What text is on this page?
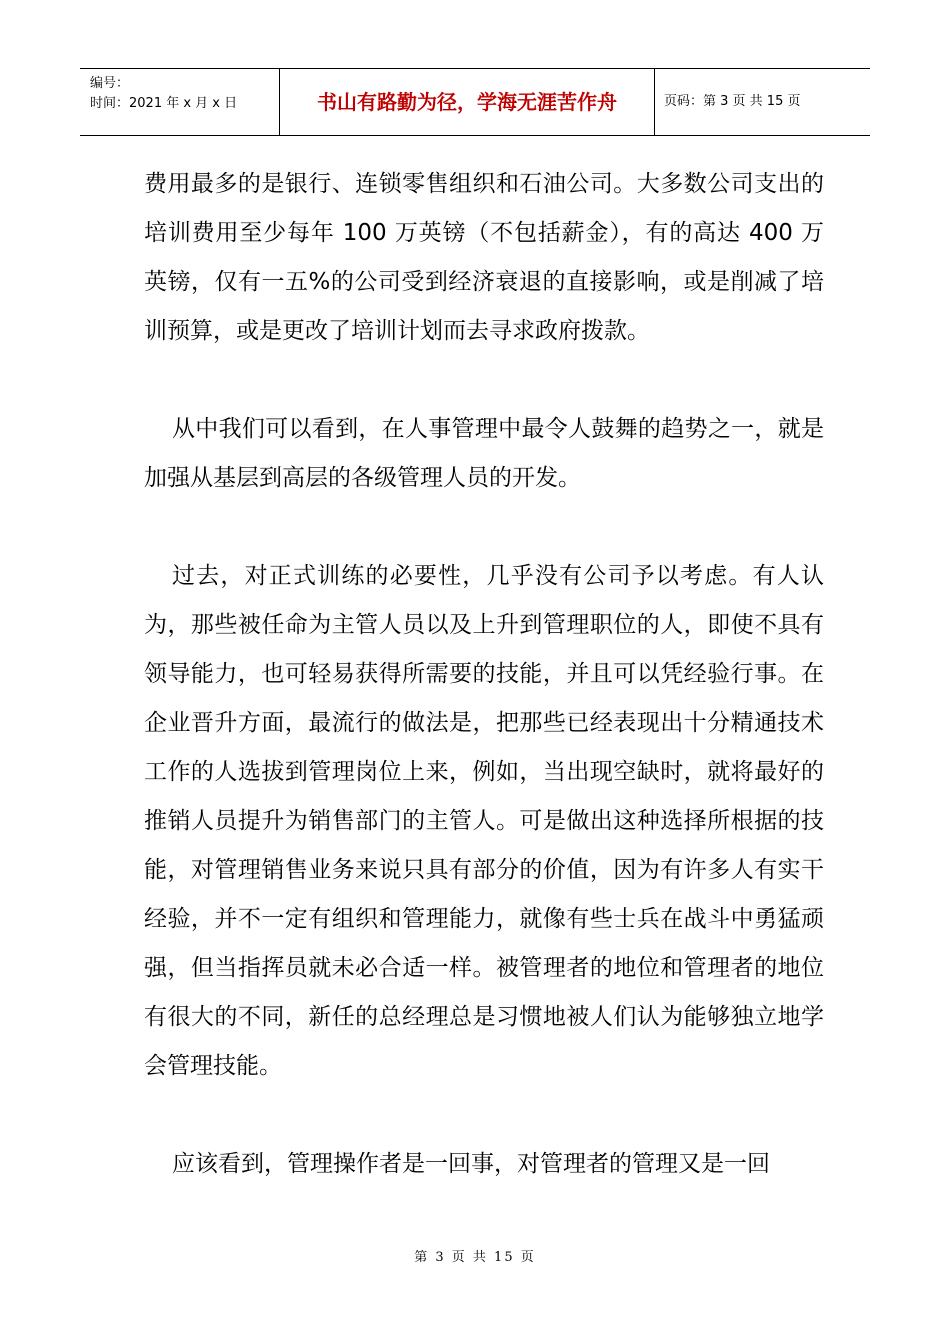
编号：
时间：2021 年 x 月 x 日	书山有路勤为径，学海无涯苦作舟	页码：第 3 页 共 15 页

费用最多的是银行、连锁零售组织和石油公司。大多数公司支出的培训费用至少每年 100 万英镑（不包括薪金），有的高达 400 万英镑，仅有一五%的公司受到经济衰退的直接影响，或是削减了培训预算，或是更改了培训计划而去寻求政府拨款。

从中我们可以看到，在人事管理中最令人鼓舞的趋势之一，就是加强从基层到高层的各级管理人员的开发。

过去，对正式训练的必要性，几乎没有公司予以考虑。有人认为，那些被任命为主管人员以及上升到管理职位的人，即使不具有领导能力，也可轻易获得所需要的技能，并且可以凭经验行事。在企业晋升方面，最流行的做法是，把那些已经表现出十分精通技术工作的人选拔到管理岗位上来，例如，当出现空缺时，就将最好的推销人员提升为销售部门的主管人。可是做出这种选择所根据的技能，对管理销售业务来说只具有部分的价值，因为有许多人有实干经验，并不一定有组织和管理能力，就像有些士兵在战斗中勇猛顽强，但当指挥员就未必合适一样。被管理者的地位和管理者的地位有很大的不同，新任的总经理总是习惯地被人们认为能够独立地学会管理技能。

应该看到，管理操作者是一回事，对管理者的管理又是一回

第 3 页 共 15 页
